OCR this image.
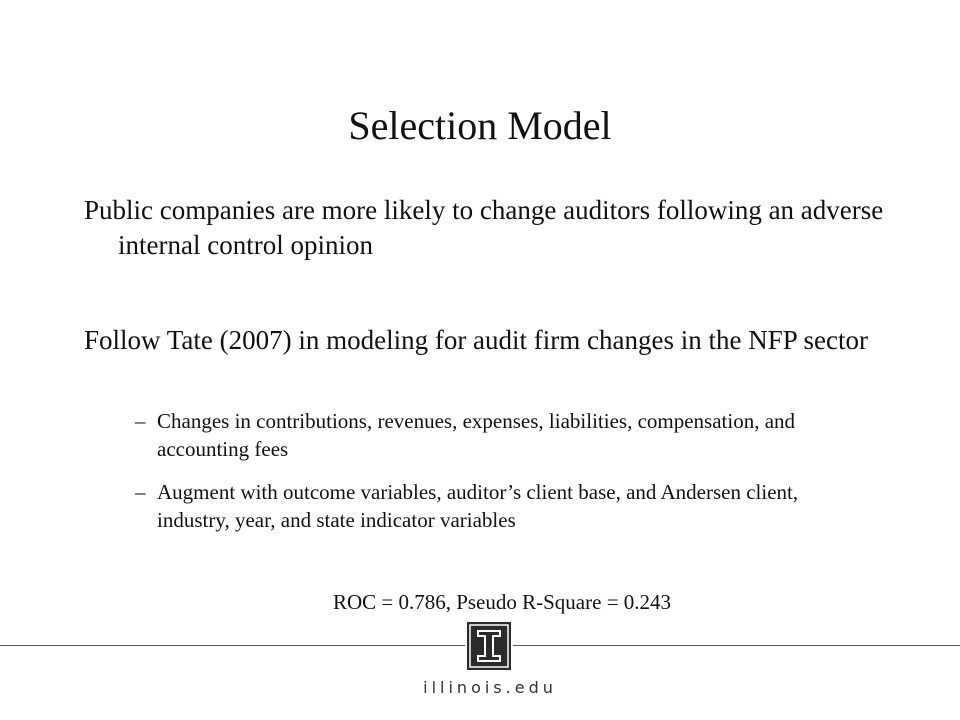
Selection Model

Public companies are more likely to change auditors following an adverse internal control opinion

Follow Tate (2007) in modeling for audit firm changes in the NFP sector

– Changes in contributions, revenues, expenses, liabilities, compensation, and accounting fees
– Augment with outcome variables, auditor’s client base, and Andersen client, industry, year, and state indicator variables
ROC = 0.786, Pseudo R-Square = 0.243
illinois.edu
